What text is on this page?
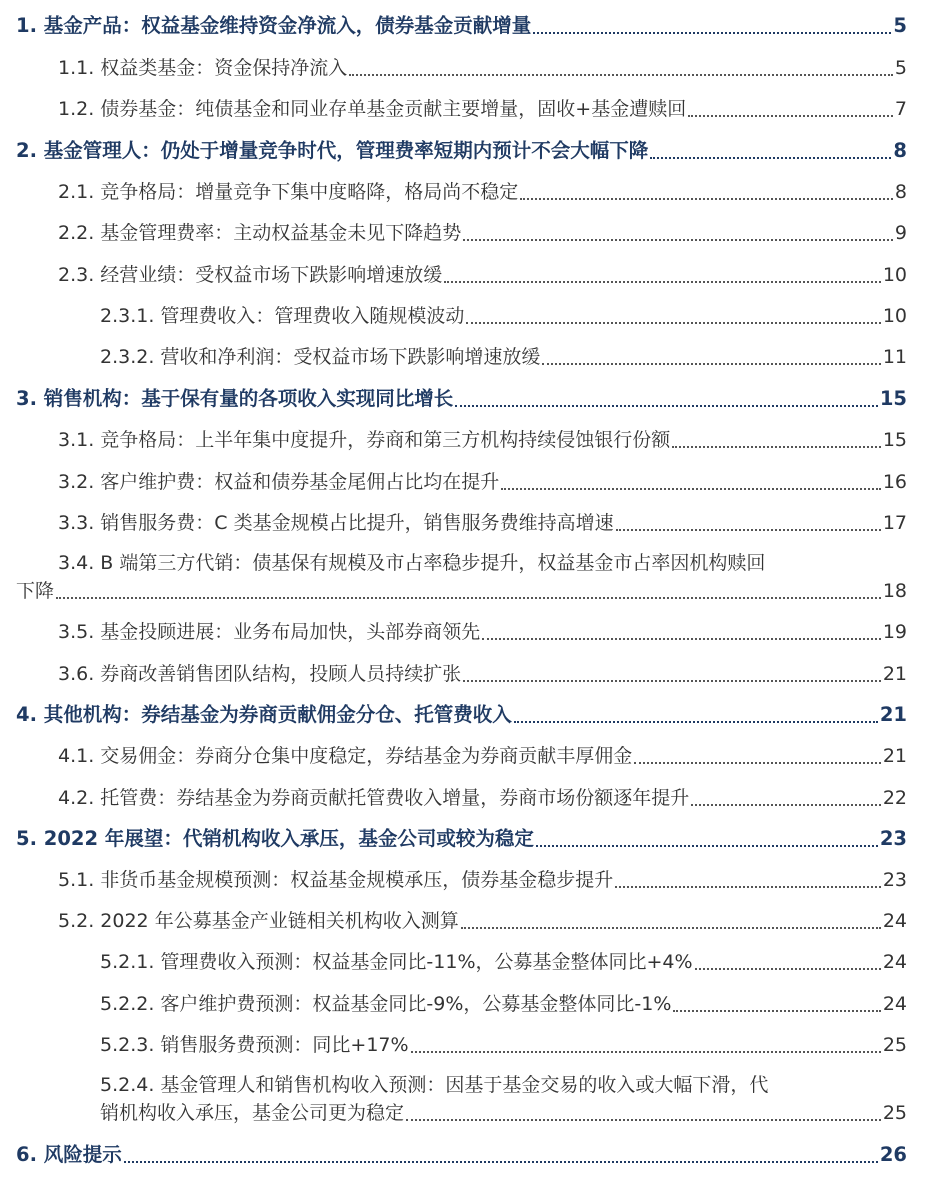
1. 基金产品：权益基金维持资金净流入，债券基金贡献增量	5
1.1. 权益类基金：资金保持净流入	5
1.2. 债券基金：纯债基金和同业存单基金贡献主要增量，固收+基金遭赎回	7
2. 基金管理人：仍处于增量竞争时代，管理费率短期内预计不会大幅下降	8
2.1. 竞争格局：增量竞争下集中度略降，格局尚不稳定	8
2.2. 基金管理费率：主动权益基金未见下降趋势	9
2.3. 经营业绩：受权益市场下跌影响增速放缓	10
2.3.1. 管理费收入：管理费收入随规模波动	10
2.3.2. 营收和净利润：受权益市场下跌影响增速放缓	11
3. 销售机构：基于保有量的各项收入实现同比增长	15
3.1. 竞争格局：上半年集中度提升，券商和第三方机构持续侵蚀银行份额	15
3.2. 客户维护费：权益和债券基金尾佣占比均在提升	16
3.3. 销售服务费：C 类基金规模占比提升，销售服务费维持高增速	17
3.4. B 端第三方代销：债基保有规模及市占率稳步提升，权益基金市占率因机构赎回
下降	18
3.5. 基金投顾进展：业务布局加快，头部券商领先	19
3.6. 券商改善销售团队结构，投顾人员持续扩张	21
4. 其他机构：券结基金为券商贡献佣金分仓、托管费收入	21
4.1. 交易佣金：券商分仓集中度稳定，券结基金为券商贡献丰厚佣金	21
4.2. 托管费：券结基金为券商贡献托管费收入增量，券商市场份额逐年提升	22
5. 2022 年展望：代销机构收入承压，基金公司或较为稳定	23
5.1. 非货币基金规模预测：权益基金规模承压，债券基金稳步提升	23
5.2. 2022 年公募基金产业链相关机构收入测算	24
5.2.1. 管理费收入预测：权益基金同比-11%，公募基金整体同比+4%	24
5.2.2. 客户维护费预测：权益基金同比-9%，公募基金整体同比-1%	24
5.2.3. 销售服务费预测：同比+17%	25
5.2.4. 基金管理人和销售机构收入预测：因基于基金交易的收入或大幅下滑，代
销机构收入承压，基金公司更为稳定	25
6. 风险提示	26
